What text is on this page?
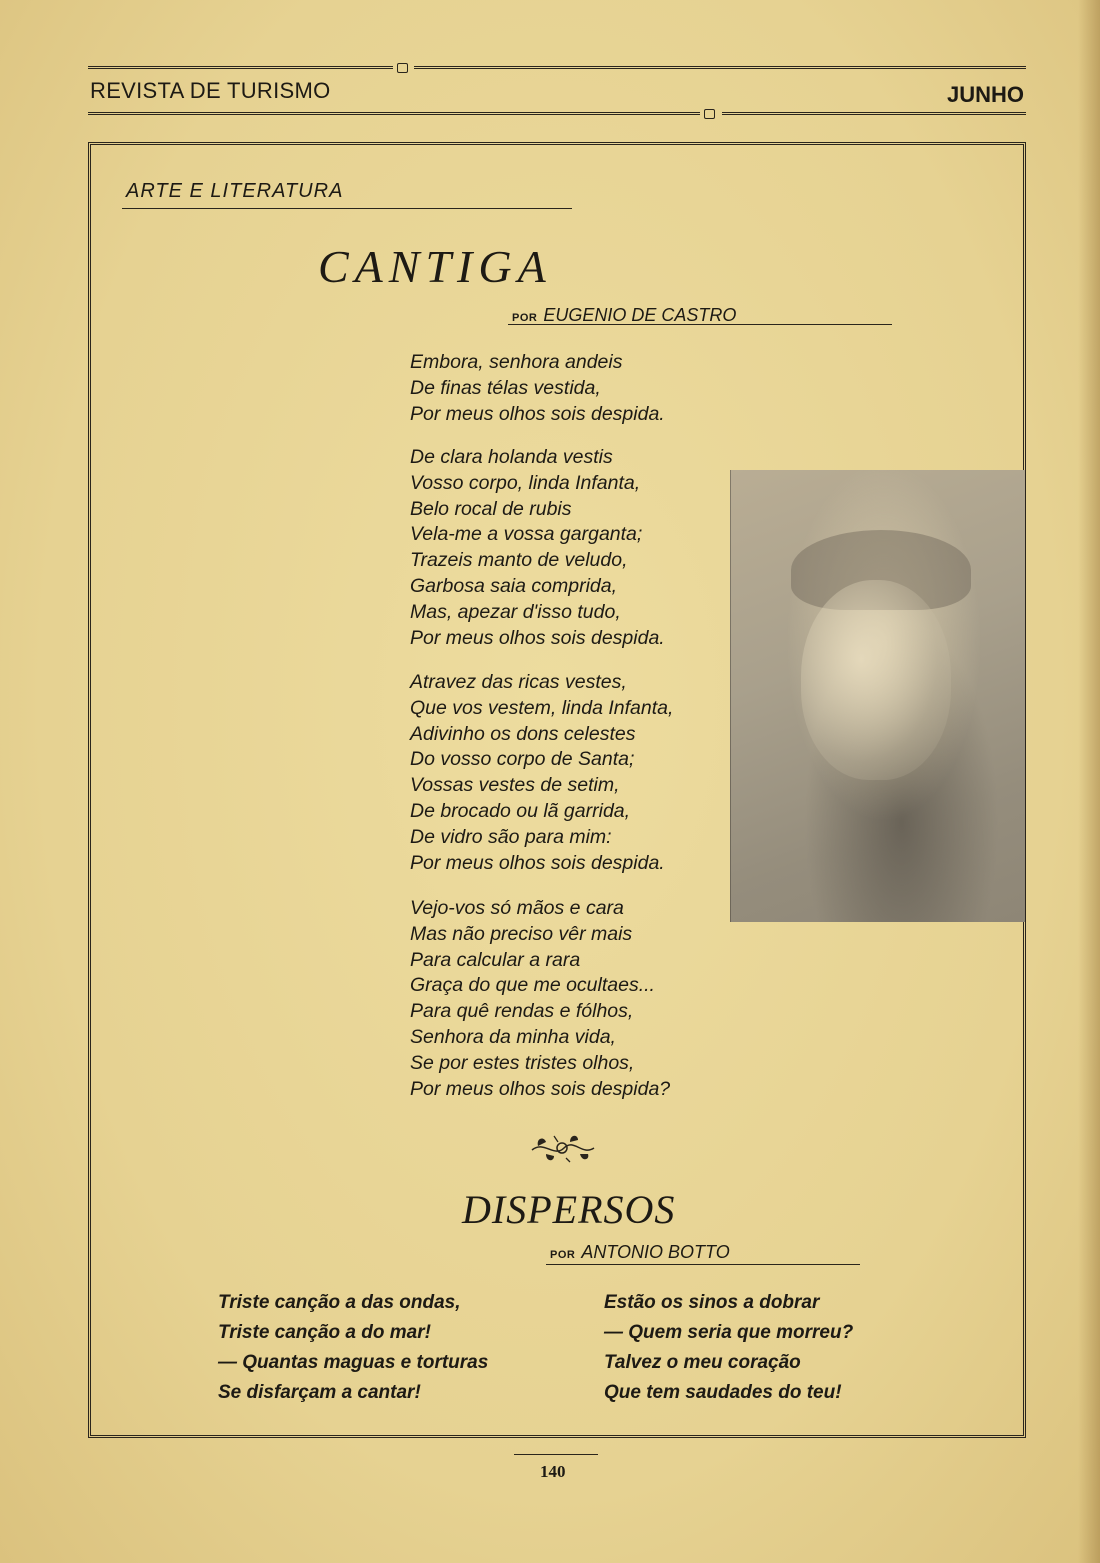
REVISTA DE TURISMO	JUNHO
ARTE E LITERATURA
CANTIGA
POR EUGENIO DE CASTRO
Embora, senhora andeis
De finas télas vestida,
Por meus olhos sois despida.
De clara holanda vestis
Vosso corpo, linda Infanta,
Belo rocal de rubis
Vela-me a vossa garganta;
Trazeis manto de veludo,
Garbosa saia comprida,
Mas, apezar d'isso tudo,
Por meus olhos sois despida.
Atravez das ricas vestes,
Que vos vestem, linda Infanta,
Adivinho os dons celestes
Do vosso corpo de Santa;
Vossas vestes de setim,
De brocado ou lã garrida,
De vidro são para mim:
Por meus olhos sois despida.
Vejo-vos só mãos e cara
Mas não preciso vêr mais
Para calcular a rara
Graça do que me ocultaes...
Para quê rendas e fólhos,
Senhora da minha vida,
Se por estes tristes olhos,
Por meus olhos sois despida?
DISPERSOS
POR ANTONIO BOTTO
Triste canção a das ondas,
Triste canção a do mar!
— Quantas maguas e torturas
Se disfarçam a cantar!
Estão os sinos a dobrar
— Quem seria que morreu?
Talvez o meu coração
Que tem saudades do teu!
140
